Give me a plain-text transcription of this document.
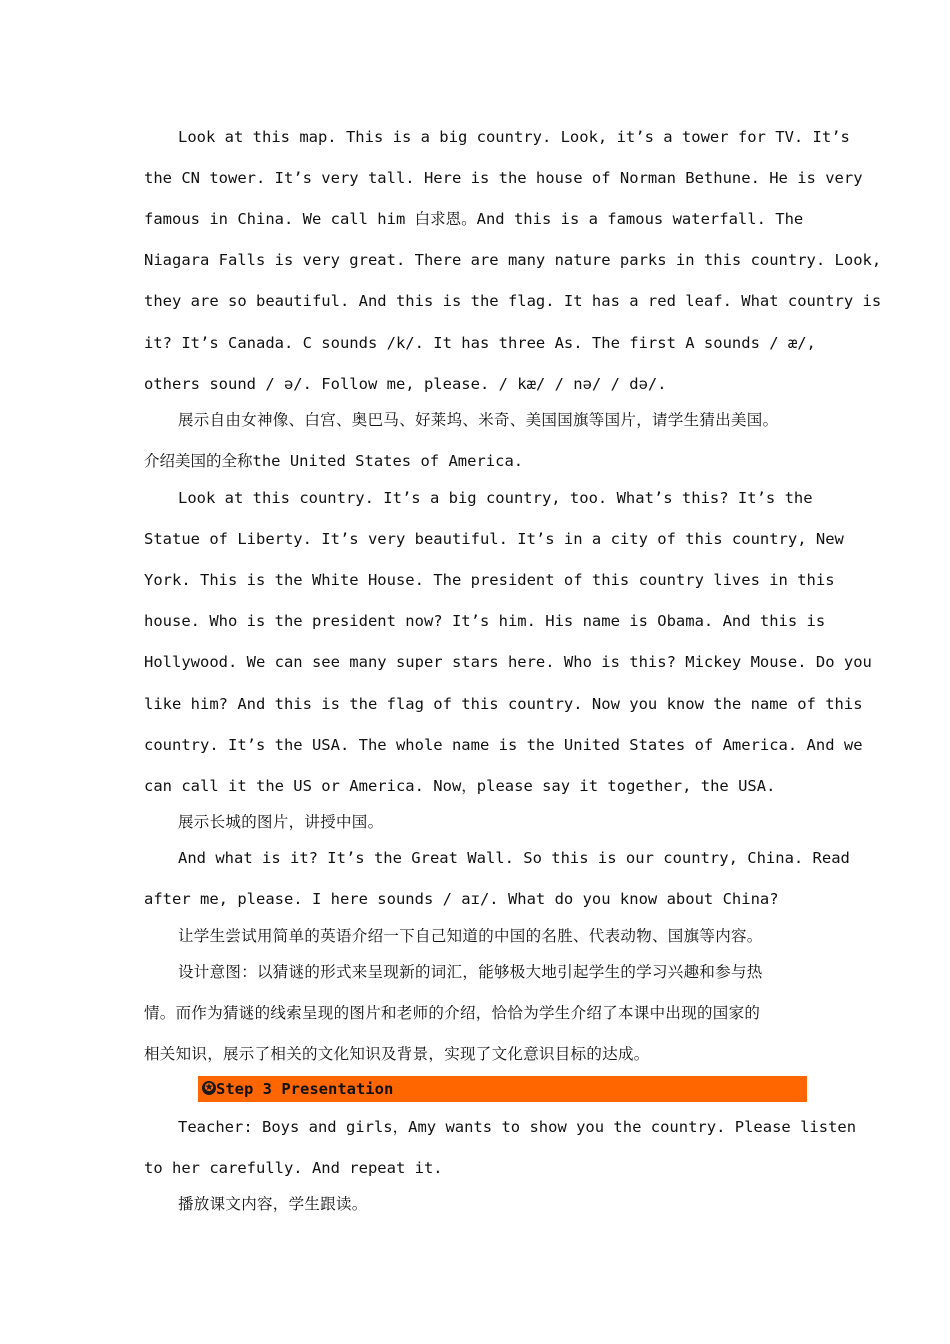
Look at this map. This is a big country. Look, it’s a tower for TV. It’s

the CN tower. It’s very tall. Here is the house of Norman Bethune. He is very

famous in China. We call him 白求恩。And this is a famous waterfall. The

Niagara Falls is very great. There are many nature parks in this country. Look,

they are so beautiful. And this is the flag. It has a red leaf. What country is

it? It’s Canada. C sounds /k/. It has three As. The first A sounds / æ/,

others sound / ə/. Follow me, please. / kæ/ / nə/ / də/.

展示自由女神像、白宫、奥巴马、好莱坞、米奇、美国国旗等国片，请学生猜出美国。

介绍美国的全称the United States of America.

Look at this country. It’s a big country, too. What’s this? It’s the

Statue of Liberty. It’s very beautiful. It’s in a city of this country, New

York. This is the White House. The president of this country lives in this

house. Who is the president now? It’s him. His name is Obama. And this is

Hollywood. We can see many super stars here. Who is this? Mickey Mouse. Do you

like him? And this is the flag of this country. Now you know the name of this

country. It’s the USA. The whole name is the United States of America. And we

can call it the US or America. Now，please say it together, the USA.

展示长城的图片，讲授中国。

And what is it? It’s the Great Wall. So this is our country, China. Read

after me, please. I here sounds / aɪ/. What do you know about China?

让学生尝试用简单的英语介绍一下自己知道的中国的名胜、代表动物、国旗等内容。

设计意图：以猜谜的形式来呈现新的词汇，能够极大地引起学生的学习兴趣和参与热

情。而作为猜谜的线索呈现的图片和老师的介绍，恰恰为学生介绍了本课中出现的国家的

相关知识，展示了相关的文化知识及背景，实现了文化意识目标的达成。

✪ Step 3 Presentation

Teacher: Boys and girls，Amy wants to show you the country. Please listen

to her carefully. And repeat it.

播放课文内容，学生跟读。
